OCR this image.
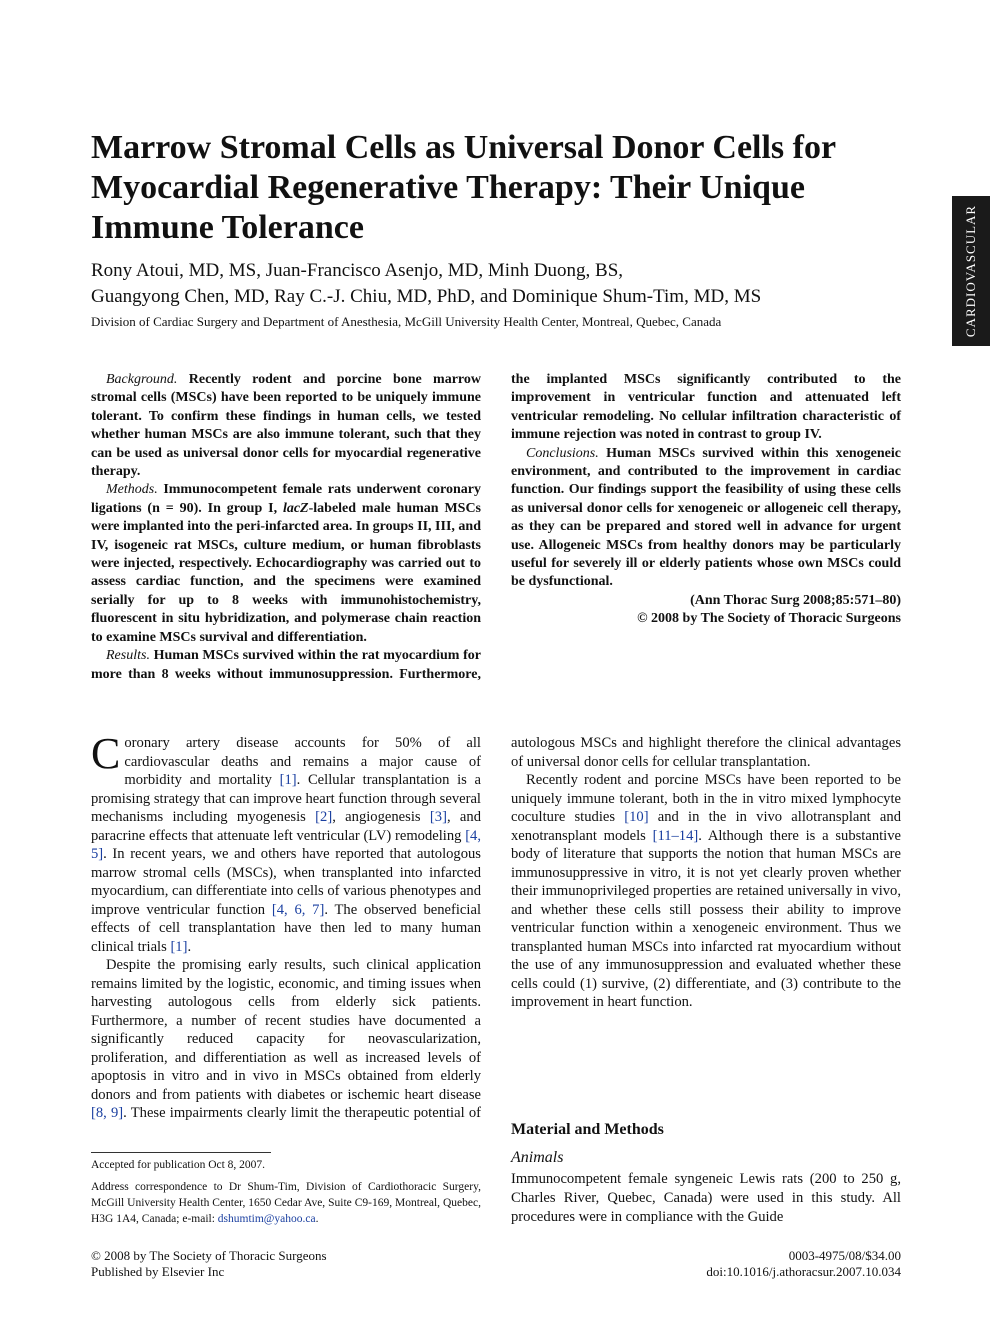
CARDIOVASCULAR
Marrow Stromal Cells as Universal Donor Cells for Myocardial Regenerative Therapy: Their Unique Immune Tolerance
Rony Atoui, MD, MS, Juan-Francisco Asenjo, MD, Minh Duong, BS,
Guangyong Chen, MD, Ray C.-J. Chiu, MD, PhD, and Dominique Shum-Tim, MD, MS
Division of Cardiac Surgery and Department of Anesthesia, McGill University Health Center, Montreal, Quebec, Canada

Background. Recently rodent and porcine bone marrow stromal cells (MSCs) have been reported to be uniquely immune tolerant. To confirm these findings in human cells, we tested whether human MSCs are also immune tolerant, such that they can be used as universal donor cells for myocardial regenerative therapy.

Methods. Immunocompetent female rats underwent coronary ligations (n = 90). In group I, lacZ-labeled male human MSCs were implanted into the peri-infarcted area. In groups II, III, and IV, isogeneic rat MSCs, culture medium, or human fibroblasts were injected, respectively. Echocardiography was carried out to assess cardiac function, and the specimens were examined serially for up to 8 weeks with immunohistochemistry, fluorescent in situ hybridization, and polymerase chain reaction to examine MSCs survival and differentiation.

Results. Human MSCs survived within the rat myocardium for more than 8 weeks without immunosuppression. Furthermore, the implanted MSCs significantly contributed to the improvement in ventricular function and attenuated left ventricular remodeling. No cellular infiltration characteristic of immune rejection was noted in contrast to group IV.

Conclusions. Human MSCs survived within this xenogeneic environment, and contributed to the improvement in cardiac function. Our findings support the feasibility of using these cells as universal donor cells for xenogeneic or allogeneic cell therapy, as they can be prepared and stored well in advance for urgent use. Allogeneic MSCs from healthy donors may be particularly useful for severely ill or elderly patients whose own MSCs could be dysfunctional.

(Ann Thorac Surg 2008;85:571–80)

© 2008 by The Society of Thoracic Surgeons

Coronary artery disease accounts for 50% of all cardiovascular deaths and remains a major cause of morbidity and mortality [1]. Cellular transplantation is a promising strategy that can improve heart function through several mechanisms including myogenesis [2], angiogenesis [3], and paracrine effects that attenuate left ventricular (LV) remodeling [4, 5]. In recent years, we and others have reported that autologous marrow stromal cells (MSCs), when transplanted into infarcted myocardium, can differentiate into cells of various phenotypes and improve ventricular function [4, 6, 7]. The observed beneficial effects of cell transplantation have then led to many human clinical trials [1].

Despite the promising early results, such clinical application remains limited by the logistic, economic, and timing issues when harvesting autologous cells from elderly sick patients. Furthermore, a number of recent studies have documented a significantly reduced capacity for neovascularization, proliferation, and differentiation as well as increased levels of apoptosis in vitro and in vivo in MSCs obtained from elderly donors and from patients with diabetes or ischemic heart disease [8, 9]. These impairments clearly limit the therapeutic potential of autologous MSCs and highlight therefore the clinical advantages of universal donor cells for cellular transplantation.

Recently rodent and porcine MSCs have been reported to be uniquely immune tolerant, both in the in vitro mixed lymphocyte coculture studies [10] and in the in vivo allotransplant and xenotransplant models [11–14]. Although there is a substantive body of literature that supports the notion that human MSCs are immunosuppressive in vitro, it is not yet clearly proven whether their immunoprivileged properties are retained universally in vivo, and whether these cells still possess their ability to improve ventricular function within a xenogeneic environment. Thus we transplanted human MSCs into infarcted rat myocardium without the use of any immunosuppression and evaluated whether these cells could (1) survive, (2) differentiate, and (3) contribute to the improvement in heart function.

Material and Methods
Animals

Immunocompetent female syngeneic Lewis rats (200 to 250 g, Charles River, Quebec, Canada) were used in this study. All procedures were in compliance with the Guide

Accepted for publication Oct 8, 2007.

Address correspondence to Dr Shum-Tim, Division of Cardiothoracic Surgery, McGill University Health Center, 1650 Cedar Ave, Suite C9-169, Montreal, Quebec, H3G 1A4, Canada; e-mail: dshumtim@yahoo.ca.

© 2008 by The Society of Thoracic Surgeons
Published by Elsevier Inc
0003-4975/08/$34.00
doi:10.1016/j.athoracsur.2007.10.034
